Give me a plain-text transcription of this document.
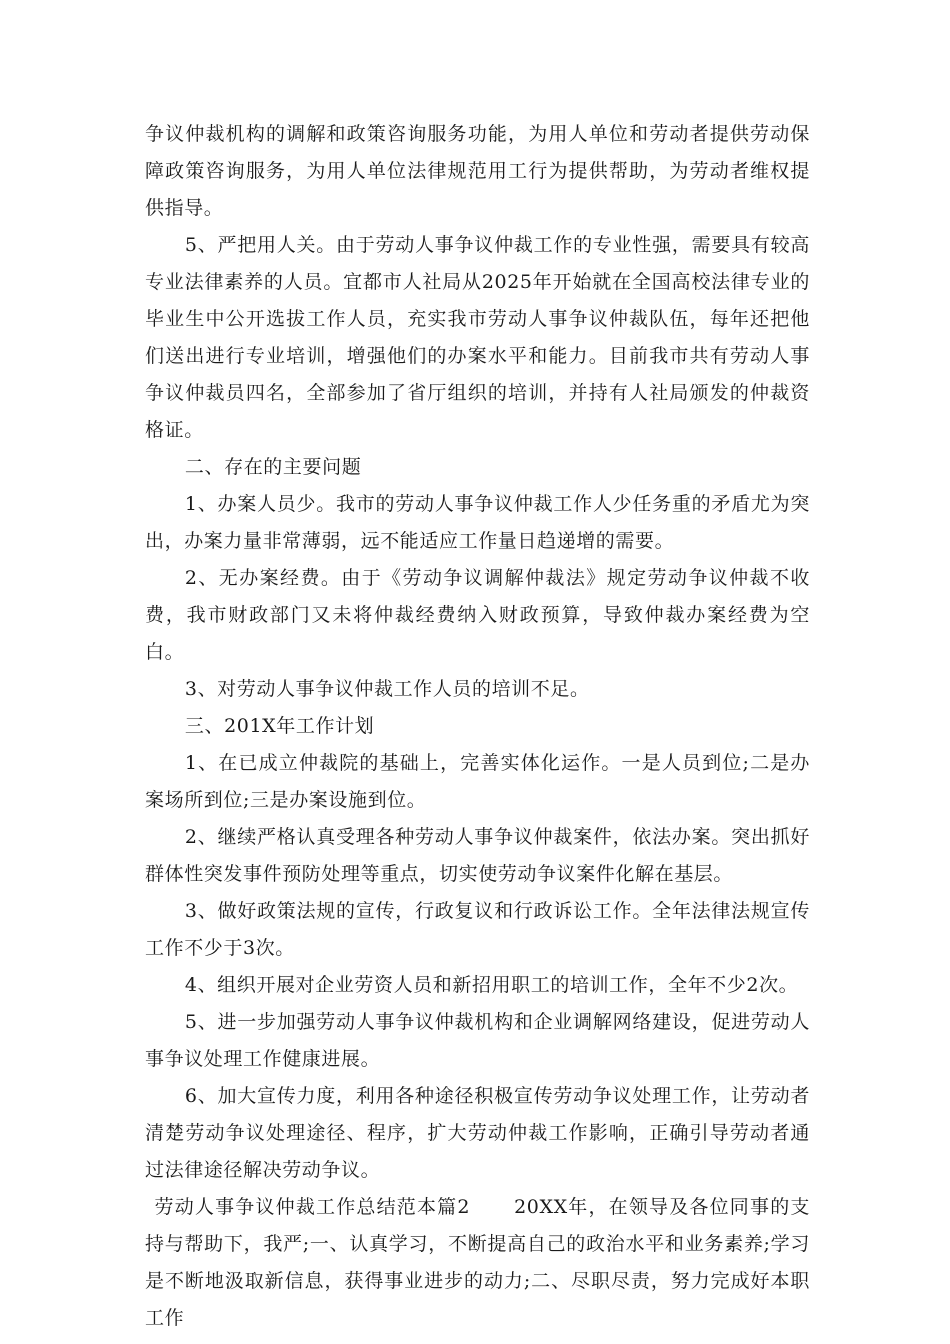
争议仲裁机构的调解和政策咨询服务功能，为用人单位和劳动者提供劳动保障政策咨询服务，为用人单位法律规范用工行为提供帮助，为劳动者维权提供指导。

5、严把用人关。由于劳动人事争议仲裁工作的专业性强，需要具有较高专业法律素养的人员。宜都市人社局从2025年开始就在全国高校法律专业的毕业生中公开选拔工作人员，充实我市劳动人事争议仲裁队伍，每年还把他们送出进行专业培训，增强他们的办案水平和能力。目前我市共有劳动人事争议仲裁员四名，全部参加了省厅组织的培训，并持有人社局颁发的仲裁资格证。

二、存在的主要问题

1、办案人员少。我市的劳动人事争议仲裁工作人少任务重的矛盾尤为突出，办案力量非常薄弱，远不能适应工作量日趋递增的需要。

2、无办案经费。由于《劳动争议调解仲裁法》规定劳动争议仲裁不收费，我市财政部门又未将仲裁经费纳入财政预算，导致仲裁办案经费为空白。

3、对劳动人事争议仲裁工作人员的培训不足。

三、201X年工作计划

1、在已成立仲裁院的基础上，完善实体化运作。一是人员到位;二是办案场所到位;三是办案设施到位。

2、继续严格认真受理各种劳动人事争议仲裁案件，依法办案。突出抓好群体性突发事件预防处理等重点，切实使劳动争议案件化解在基层。

3、做好政策法规的宣传，行政复议和行政诉讼工作。全年法律法规宣传工作不少于3次。

4、组织开展对企业劳资人员和新招用职工的培训工作，全年不少2次。

5、进一步加强劳动人事争议仲裁机构和企业调解网络建设，促进劳动人事争议处理工作健康进展。

6、加大宣传力度，利用各种途径积极宣传劳动争议处理工作，让劳动者清楚劳动争议处理途径、程序，扩大劳动仲裁工作影响，正确引导劳动者通过法律途径解决劳动争议。

劳动人事争议仲裁工作总结范本篇2 20XX年，在领导及各位同事的支持与帮助下，我严;一、认真学习，不断提高自己的政治水平和业务素养;学习是不断地汲取新信息，获得事业进步的动力;二、尽职尽责，努力完成好本职工作
